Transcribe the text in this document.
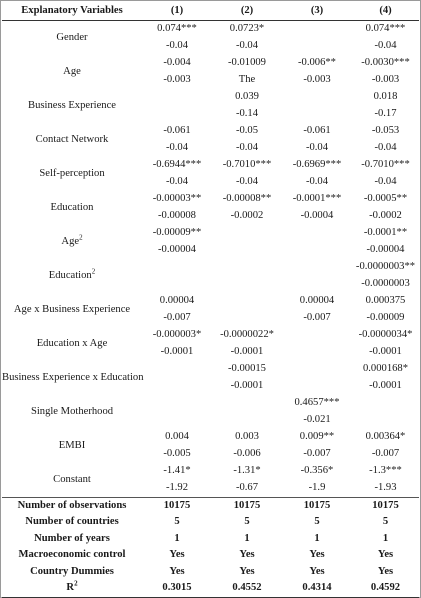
Explanatory Variables	(1)	(2)	(3)	(4)
Gender	0.074***	0.0723*		0.074***
	-0.04	-0.04		-0.04
Age	-0.004	-0.01009	-0.006**	-0.0030***
	-0.003	The	-0.003	-0.003
Business Experience		0.039		0.018
		-0.14		-0.17
Contact Network	-0.061	-0.05	-0.061	-0.053
	-0.04	-0.04	-0.04	-0.04
Self-perception	-0.6944***	-0.7010***	-0.6969***	-0.7010***
	-0.04	-0.04	-0.04	-0.04
Education	-0.00003**	-0.00008**	-0.0001***	-0.0005**
	-0.00008	-0.0002	-0.0004	-0.0002
Age$^2$	-0.00009**			-0.0001**
	-0.00004			-0.00004
Education$^2$				-0.0000003**
				-0.0000003
Age x Business Experience	0.00004		0.00004	0.000375
	-0.007		-0.007	-0.00009
Education x Age	-0.000003*	-0.0000022*		-0.0000034*
	-0.0001	-0.0001		-0.0001
Business Experience x Education		-0.00015		0.000168*
		-0.0001		-0.0001
Single Motherhood			0.4657***	
			-0.021	
EMBI	0.004	0.003	0.009**	0.00364*
	-0.005	-0.006	-0.007	-0.007
Constant	-1.41*	-1.31*	-0.356*	-1.3***
	-1.92	-0.67	-1.9	-1.93
Number of observations	10175	10175	10175	10175
Number of countries	5	5	5	5
Number of years	1	1	1	1
Macroeconomic control	Yes	Yes	Yes	Yes
Country Dummies	Yes	Yes	Yes	Yes
$R^2$	0.3015	0.4552	0.4314	0.4592
